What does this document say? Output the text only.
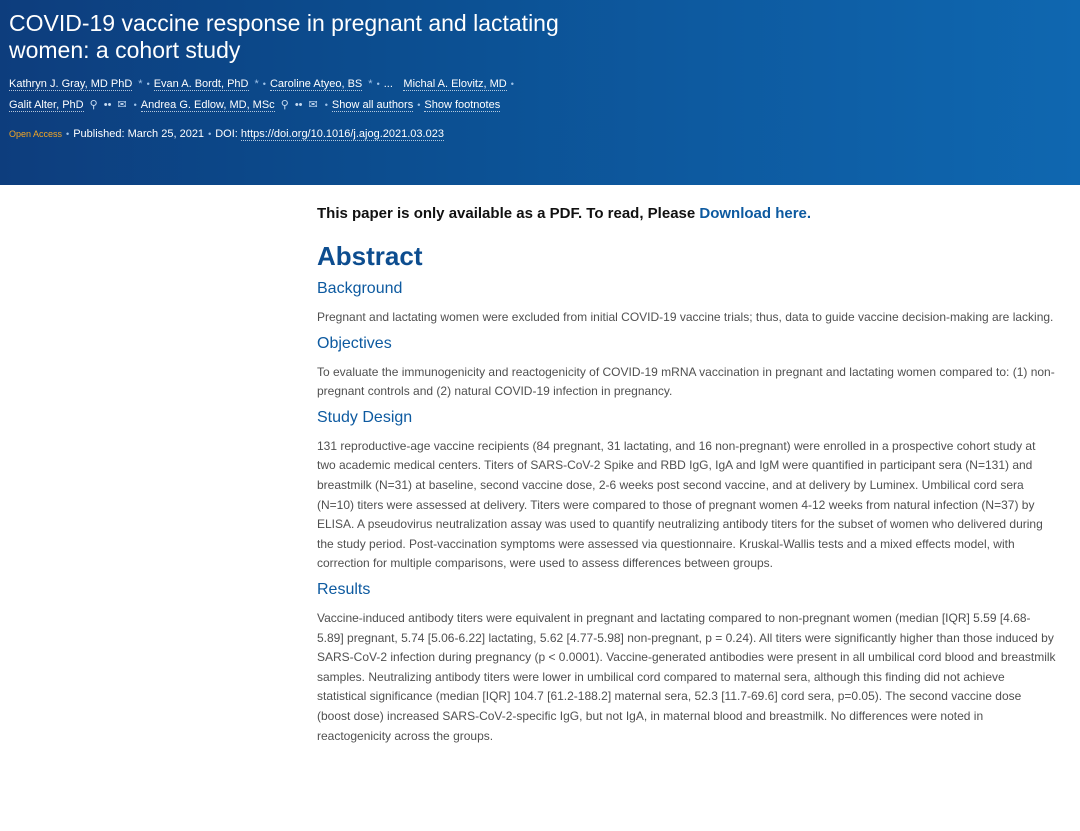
COVID-19 vaccine response in pregnant and lactating women: a cohort study
Kathryn J. Gray, MD PhD * • Evan A. Bordt, PhD * • Caroline Atyeo, BS * • ... Michal A. Elovitz, MD •
Galit Alter, PhD ⚲ •• ✉ • Andrea G. Edlow, MD, MSc ⚲ •• ✉ • Show all authors • Show footnotes
Open Access • Published: March 25, 2021 • DOI: https://doi.org/10.1016/j.ajog.2021.03.023

This paper is only available as a PDF. To read, Please Download here.

Abstract
Background

Pregnant and lactating women were excluded from initial COVID-19 vaccine trials; thus, data to guide vaccine decision-making are lacking.

Objectives

To evaluate the immunogenicity and reactogenicity of COVID-19 mRNA vaccination in pregnant and lactating women compared to: (1) non-pregnant controls and (2) natural COVID-19 infection in pregnancy.

Study Design

131 reproductive-age vaccine recipients (84 pregnant, 31 lactating, and 16 non-pregnant) were enrolled in a prospective cohort study at two academic medical centers. Titers of SARS-CoV-2 Spike and RBD IgG, IgA and IgM were quantified in participant sera (N=131) and breastmilk (N=31) at baseline, second vaccine dose, 2-6 weeks post second vaccine, and at delivery by Luminex. Umbilical cord sera (N=10) titers were assessed at delivery. Titers were compared to those of pregnant women 4-12 weeks from natural infection (N=37) by ELISA. A pseudovirus neutralization assay was used to quantify neutralizing antibody titers for the subset of women who delivered during the study period. Post-vaccination symptoms were assessed via questionnaire. Kruskal-Wallis tests and a mixed effects model, with correction for multiple comparisons, were used to assess differences between groups.

Results

Vaccine-induced antibody titers were equivalent in pregnant and lactating compared to non-pregnant women (median [IQR] 5.59 [4.68-5.89] pregnant, 5.74 [5.06-6.22] lactating, 5.62 [4.77-5.98] non-pregnant, p = 0.24). All titers were significantly higher than those induced by SARS-CoV-2 infection during pregnancy (p < 0.0001). Vaccine-generated antibodies were present in all umbilical cord blood and breastmilk samples. Neutralizing antibody titers were lower in umbilical cord compared to maternal sera, although this finding did not achieve statistical significance (median [IQR] 104.7 [61.2-188.2] maternal sera, 52.3 [11.7-69.6] cord sera, p=0.05). The second vaccine dose (boost dose) increased SARS-CoV-2-specific IgG, but not IgA, in maternal blood and breastmilk. No differences were noted in reactogenicity across the groups.
